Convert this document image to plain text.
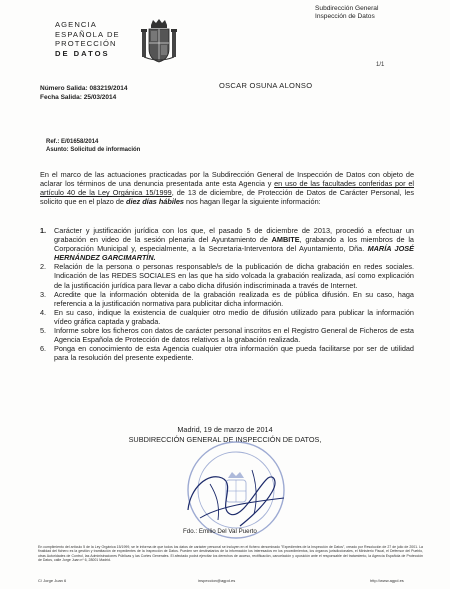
AGENCIA
ESPAÑOLA DE
PROTECCIÓN
DE DATOS
Subdirección General
Inspección de Datos
1/1
OSCAR OSUNA ALONSO
Número Salida: 083219/2014
Fecha Salida: 25/03/2014
Ref.: E/01658/2014
Asunto: Solicitud de información
En el marco de las actuaciones practicadas por la Subdirección General de Inspección de Datos con objeto de aclarar los términos de una denuncia presentada ante esta Agencia y en uso de las facultades conferidas por el artículo 40 de la Ley Orgánica 15/1999, de 13 de diciembre, de Protección de Datos de Carácter Personal, les solicito que en el plazo de diez días hábiles nos hagan llegar la siguiente información:
1. Carácter y justificación jurídica con los que, el pasado 5 de diciembre de 2013, procedió a efectuar un grabación en video de la sesión plenaria del Ayuntamiento de AMBITE, grabando a los miembros de la Corporación Municipal y, especialmente, a la Secretaria-Interventora del Ayuntamiento, Dña. MARÍA JOSÉ HERNÁNDEZ GARCIMARTÍN.
2. Relación de la persona o personas responsable/s de la publicación de dicha grabación en redes sociales. Indicación de las REDES SOCIALES en las que ha sido volcada la grabación realizada, así como explicación de la justificación jurídica para llevar a cabo dicha difusión indiscriminada a través de Internet.
3. Acredite que la información obtenida de la grabación realizada es de pública difusión. En su caso, haga referencia a la justificación normativa para publicitar dicha información.
4. En su caso, indique la existencia de cualquier otro medio de difusión utilizado para publicar la información vídeo gráfica captada y grabada.
5. Informe sobre los ficheros con datos de carácter personal inscritos en el Registro General de Ficheros de esta Agencia Española de Protección de datos relativos a la grabación realizada.
6. Ponga en conocimiento de esta Agencia cualquier otra información que pueda facilitarse por ser de utilidad para la resolución del presente expediente.
Madrid, 19 de marzo de 2014
SUBDIRECCIÓN GENERAL DE INSPECCIÓN DE DATOS,
Fdo.: Emilio Del Val Puerto
En cumplimiento del artículo 5 de la Ley Orgánica 15/1999, se le informa de que todos los datos de carácter personal se incluyen en el fichero denominado "Expedientes de la Inspección de Datos", creado por Resolución de 27 de julio de 2001. La finalidad del fichero es la gestión y tramitación de expedientes de la Inspección de Datos. Pueden ser destinatarios de la información los interesados en los procedimientos, los órganos jurisdiccionales, el Ministerio Fiscal, el Defensor del Pueblo, otras Autoridades de Control, las Administraciones Públicas y las Cortes Generales. El afectado podrá ejercitar los derechos de acceso, rectificación, cancelación y oposición ante el responsable del tratamiento, la Agencia Española de Protección de Datos, calle Jorge Juan nº 6, 28001 Madrid.
C/ Jorge Juan 6	inspeccion@agpd.es	http://www.agpd.es
